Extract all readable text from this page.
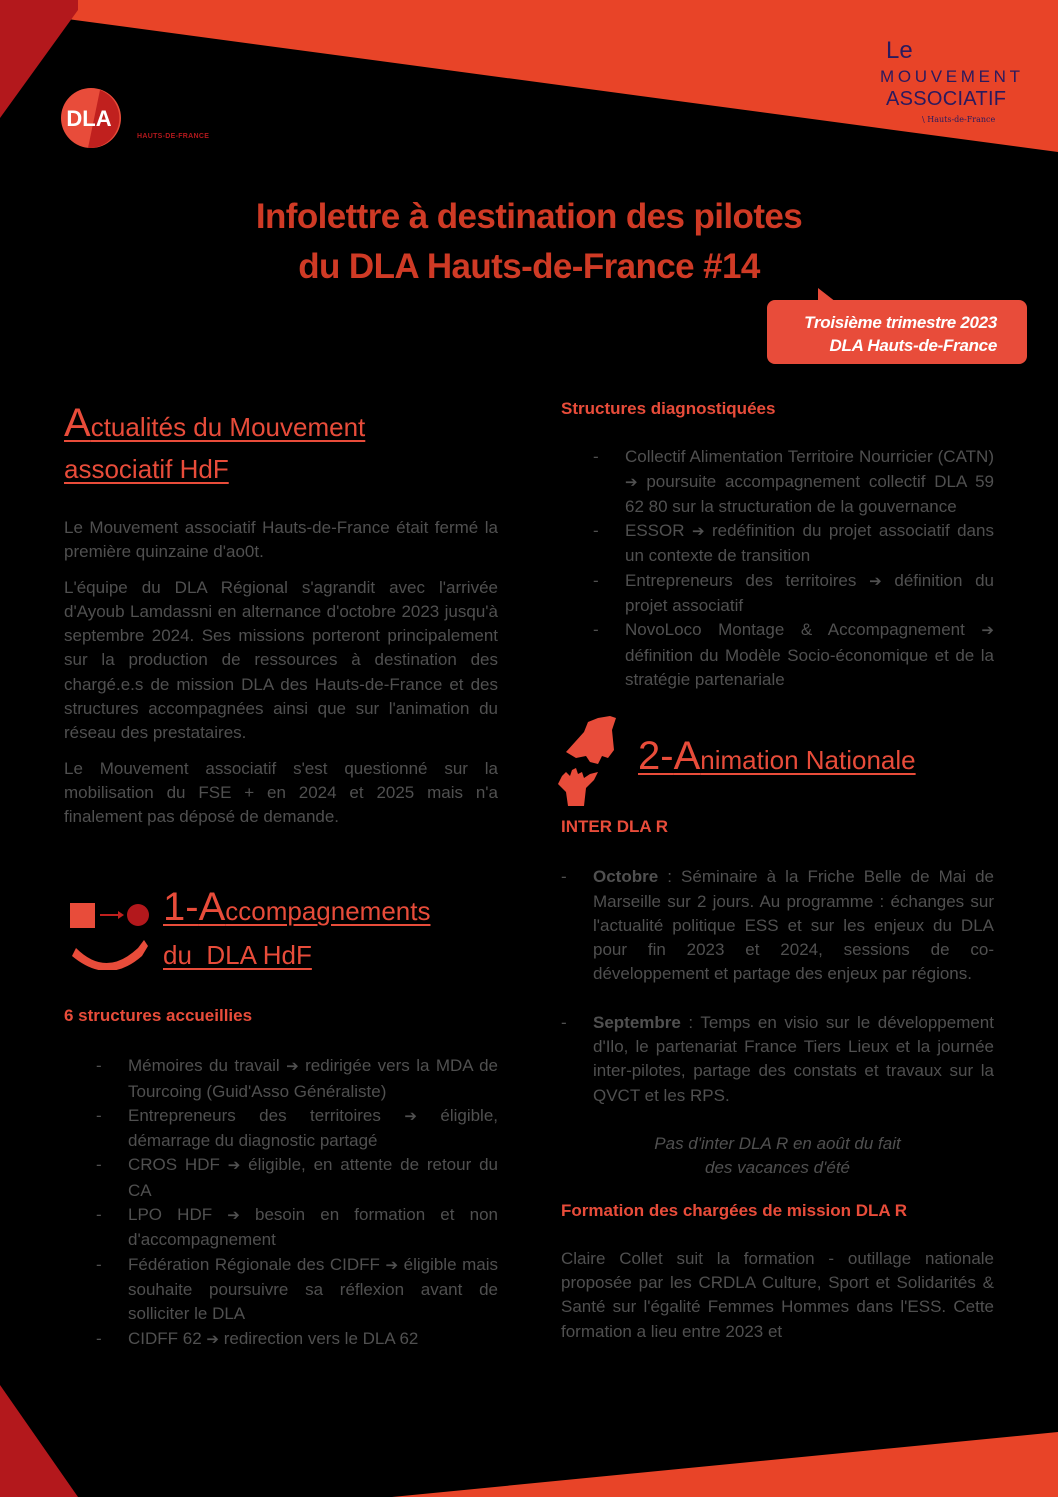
DLA
HAUTS-DE-FRANCE
Le
MOUVEMENT
ASSOCIATIF
\ Hauts-de-France
Infolettre à destination des pilotes
du DLA Hauts-de-France #14
Troisième trimestre 2023
DLA Hauts-de-France
Actualités du Mouvement
associatif HdF

Le Mouvement associatif Hauts-de-France était fermé la première quinzaine d'ao0t.

L'équipe du DLA Régional s'agrandit avec l'arrivée d'Ayoub Lamdassni en alternance d'octobre 2023 jusqu'à septembre 2024. Ses missions porteront principalement sur la production de ressources à destination des chargé.e.s de mission DLA des Hauts-de-France et des structures accompagnées ainsi que sur l'animation du réseau des prestataires.

Le Mouvement associatif s'est questionné sur la mobilisation du FSE + en 2024 et 2025 mais n'a finalement pas déposé de demande.

1-Accompagnements
du  DLA HdF
6 structures accueillies
- Mémoires du travail ➔ redirigée vers la MDA de Tourcoing (Guid'Asso Généraliste)
- Entrepreneurs des territoires ➔ éligible, démarrage du diagnostic partagé
- CROS HDF ➔ éligible, en attente de retour du CA
- LPO HDF ➔ besoin en formation et non d'accompagnement
- Fédération Régionale des CIDFF ➔ éligible mais souhaite poursuivre sa réflexion avant de solliciter le DLA
- CIDFF 62 ➔ redirection vers le DLA 62
Structures diagnostiquées
- Collectif Alimentation Territoire Nourricier (CATN) ➔ poursuite accompagnement collectif DLA 59 62 80 sur la structuration de la gouvernance
- ESSOR ➔ redéfinition du projet associatif dans un contexte de transition
- Entrepreneurs des territoires ➔ définition du projet associatif
- NovoLoco Montage & Accompagnement ➔ définition du Modèle Socio-économique et de la stratégie partenariale
2-Animation Nationale
INTER DLA R
- Octobre : Séminaire à la Friche Belle de Mai de Marseille sur 2 jours. Au programme : échanges sur l'actualité politique ESS et sur les enjeux du DLA pour fin 2023 et 2024, sessions de co-développement et partage des enjeux par régions.
- Septembre : Temps en visio sur le développement d'Ilo, le partenariat France Tiers Lieux et la journée inter-pilotes, partage des constats et travaux sur la QVCT et les RPS.
Pas d'inter DLA R en août du fait
des vacances d'été
Formation des chargées de mission DLA R

Claire Collet suit la formation - outillage nationale proposée par les CRDLA Culture, Sport et Solidarités & Santé sur l'égalité Femmes Hommes dans l'ESS. Cette formation a lieu entre 2023 et
